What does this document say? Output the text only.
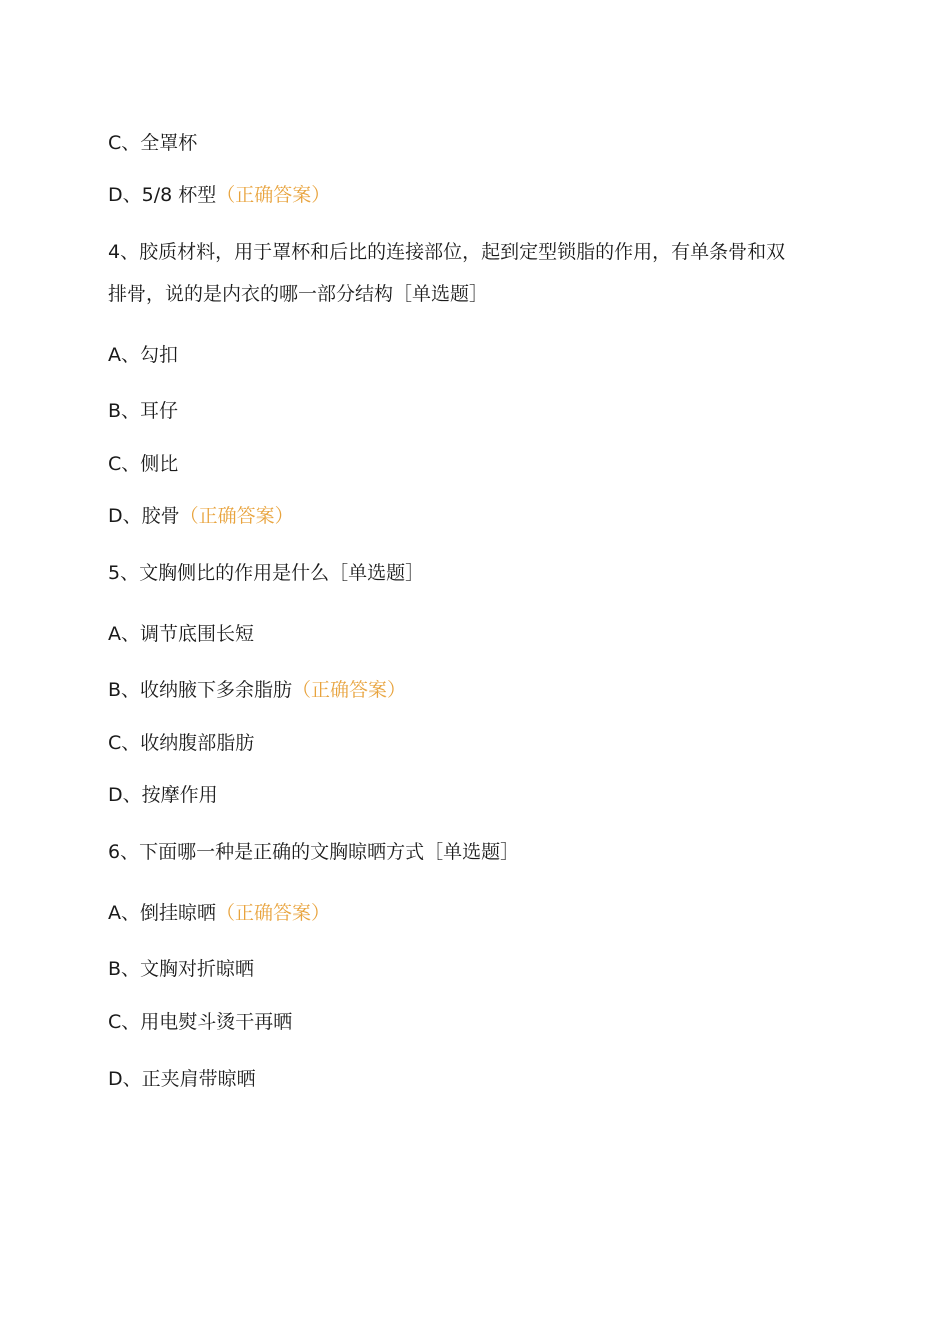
C、全罩杯
D、5/8 杯型（正确答案）
4、胶质材料，用于罩杯和后比的连接部位，起到定型锁脂的作用，有单条骨和双
排骨，说的是内衣的哪一部分结构［单选题］
A、勾扣
B、耳仔
C、侧比
D、胶骨（正确答案）
5、文胸侧比的作用是什么［单选题］
A、调节底围长短
B、收纳腋下多余脂肪（正确答案）
C、收纳腹部脂肪
D、按摩作用
6、下面哪一种是正确的文胸晾晒方式［单选题］
A、倒挂晾晒（正确答案）
B、文胸对折晾晒
C、用电熨斗烫干再晒
D、正夹肩带晾晒
